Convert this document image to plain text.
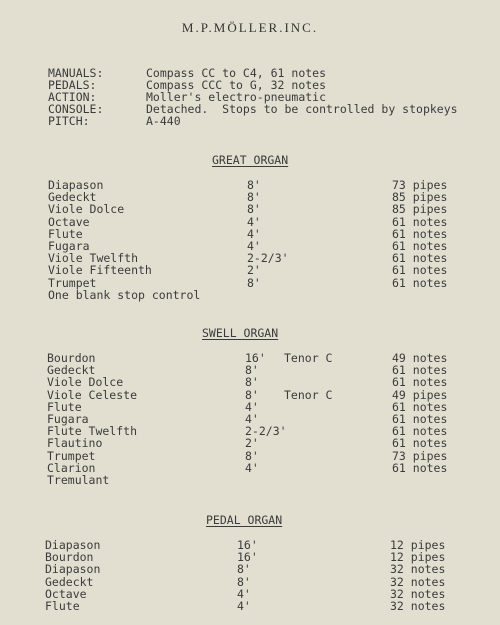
M.P.MÖLLER.INC.
MANUALS:	Compass CC to C4, 61 notes
PEDALS:	Compass CCC to G, 32 notes
ACTION:	Moller's electro-pneumatic
CONSOLE:	Detached.  Stops to be controlled by stopkeys
PITCH:	A-440
GREAT ORGAN
Diapason	8'	73 pipes
Gedeckt	8'	85 pipes
Viole Dolce	8'	85 pipes
Octave	4'	61 notes
Flute	4'	61 notes
Fugara	4'	61 notes
Viole Twelfth	2-2/3'	61 notes
Viole Fifteenth	2'	61 notes
Trumpet	8'	61 notes
One blank stop control
SWELL ORGAN
Bourdon	16' Tenor C	49 notes
Gedeckt	8'	61 notes
Viole Dolce	8'	61 notes
Viole Celeste	8' Tenor C	49 pipes
Flute	4'	61 notes
Fugara	4'	61 notes
Flute Twelfth	2-2/3'	61 notes
Flautino	2'	61 notes
Trumpet	8'	73 pipes
Clarion	4'	61 notes
Tremulant
PEDAL ORGAN
Diapason	16'	12 pipes
Bourdon	16'	12 pipes
Diapason	8'	32 notes
Gedeckt	8'	32 notes
Octave	4'	32 notes
Flute	4'	32 notes
